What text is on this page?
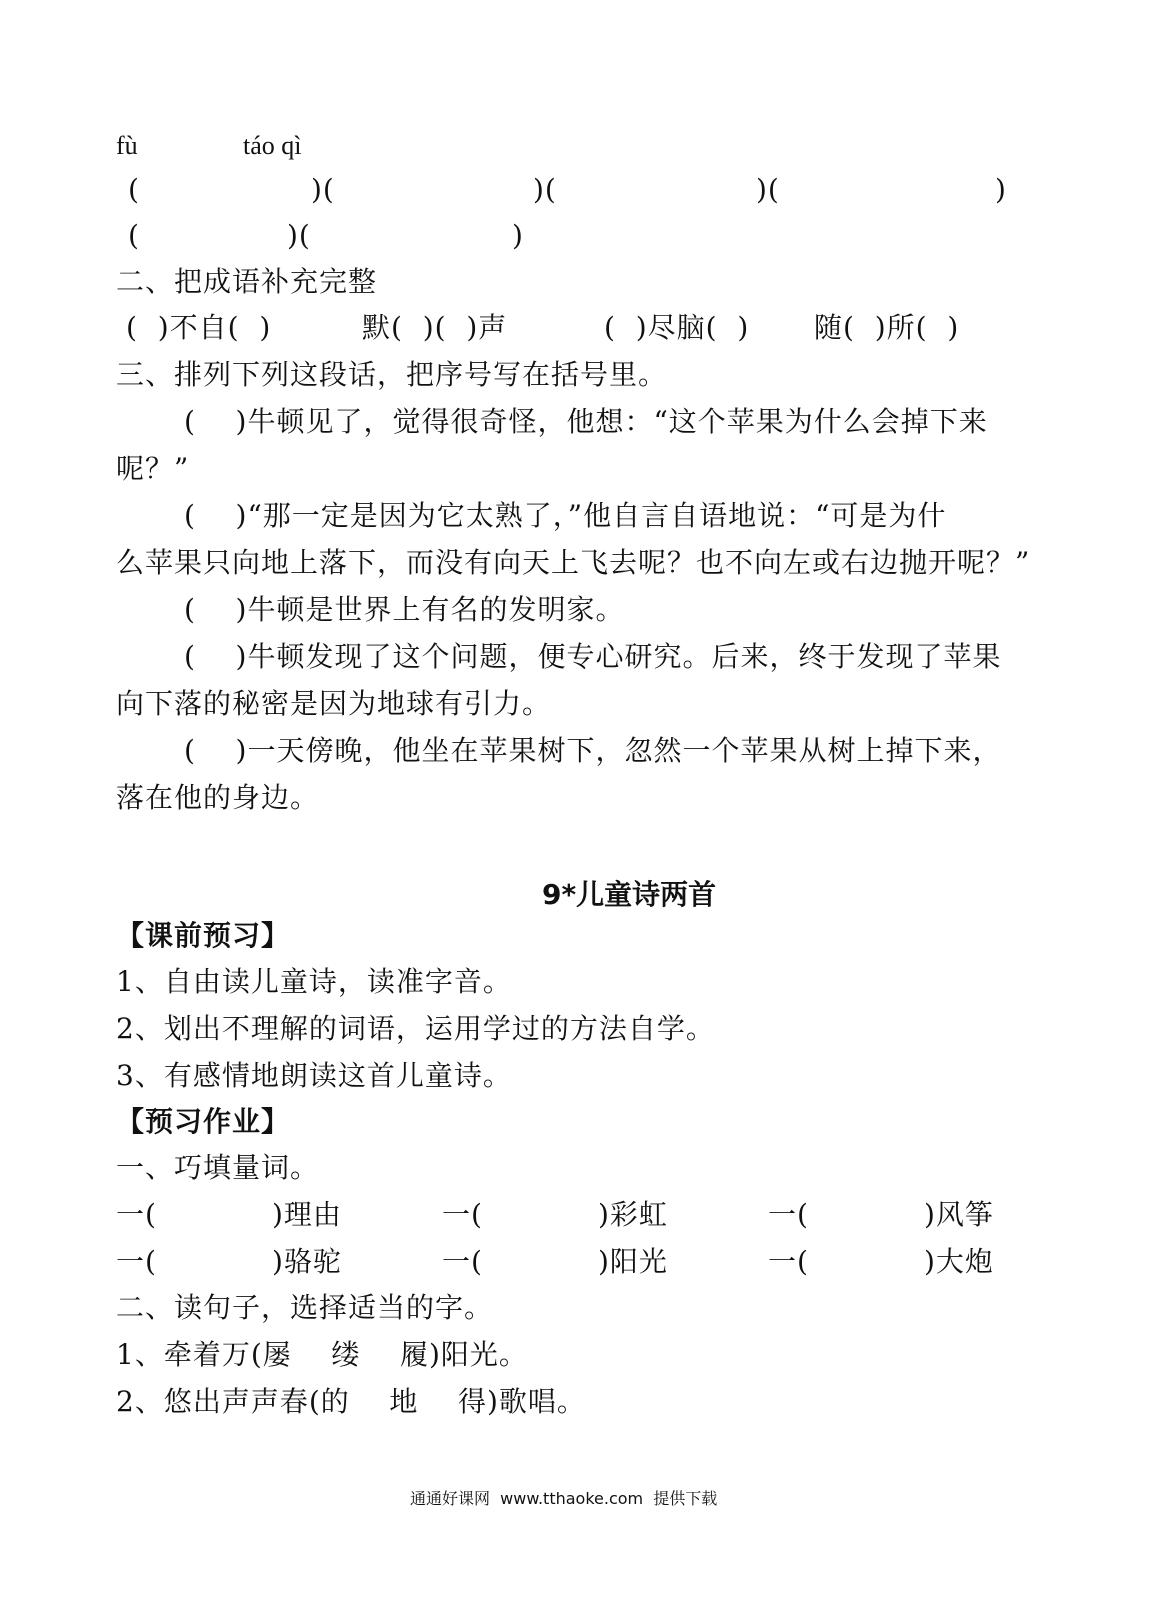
fù	táo qì
(	)(	)(	)(	)
(	)(	)
二、把成语补充完整
(  )不自(  )	默(  )(  )声	(  )尽脑(  ) 随(  )所(  )
三、排列下列这段话，把序号写在括号里。
(    )牛顿见了，觉得很奇怪，他想：“这个苹果为什么会掉下来
呢？”
(    )“那一定是因为它太熟了，”他自言自语地说：“可是为什
么苹果只向地上落下，而没有向天上飞去呢？也不向左或右边抛开呢？”
(    )牛顿是世界上有名的发明家。
(    )牛顿发现了这个问题，便专心研究。后来，终于发现了苹果
向下落的秘密是因为地球有引力。
(    )一天傍晚，他坐在苹果树下，忽然一个苹果从树上掉下来，
落在他的身边。
9*儿童诗两首
【课前预习】
1、自由读儿童诗，读准字音。
2、划出不理解的词语，运用学过的方法自学。
3、有感情地朗读这首儿童诗。
【预习作业】
一、巧填量词。
一(	)理由	一(	)彩虹	一(	)风筝
一(	)骆驼	一(	)阳光	一(	)大炮
二、读句子，选择适当的字。
1、牵着万(屡    缕    履)阳光。
2、悠出声声春(的    地    得)歌唱。
通通好课网  www.tthaoke.com  提供下载
